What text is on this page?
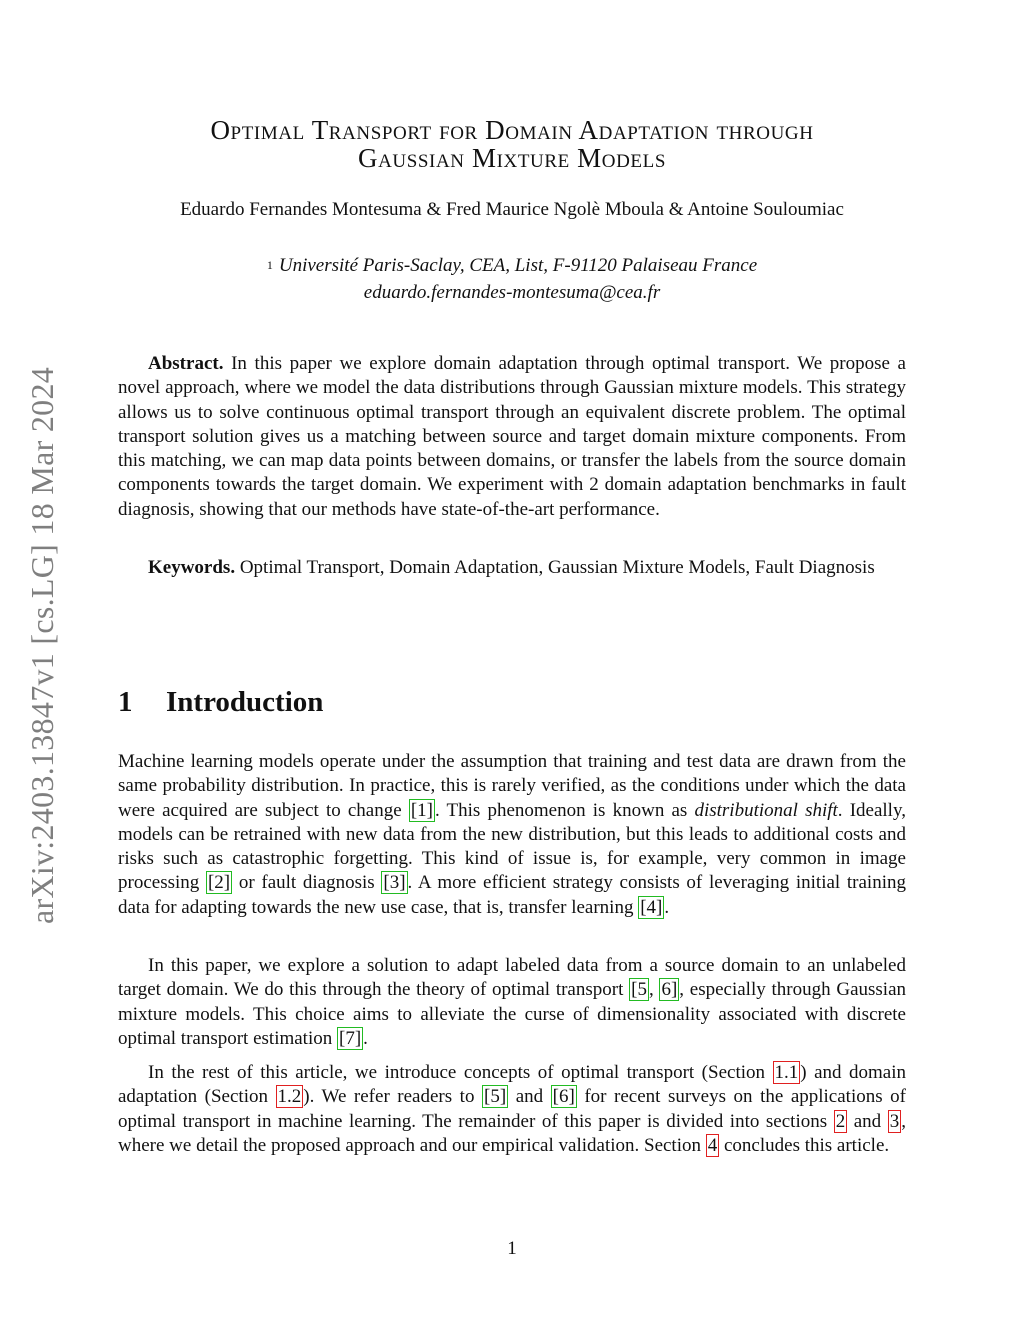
arXiv:2403.13847v1 [cs.LG] 18 Mar 2024
Optimal Transport for Domain Adaptation through
Gaussian Mixture Models
Eduardo Fernandes Montesuma & Fred Maurice Ngolè Mboula & Antoine Souloumiac
$^1$ Université Paris-Saclay, CEA, List, F-91120 Palaiseau France
eduardo.fernandes-montesuma@cea.fr

Abstract. In this paper we explore domain adaptation through optimal transport. We propose a novel approach, where we model the data distributions through Gaussian mixture models. This strategy allows us to solve continuous optimal transport through an equivalent discrete problem. The optimal transport solution gives us a matching between source and target domain mixture components. From this matching, we can map data points between domains, or transfer the labels from the source domain components towards the target domain. We experiment with 2 domain adaptation benchmarks in fault diagnosis, showing that our methods have state-of-the-art performance.

Keywords. Optimal Transport, Domain Adaptation, Gaussian Mixture Models, Fault Diagnosis

1 Introduction

Machine learning models operate under the assumption that training and test data are drawn from the same probability distribution. In practice, this is rarely verified, as the conditions under which the data were acquired are subject to change [1] . This phenomenon is known as distributional shift. Ideally, models can be retrained with new data from the new distribution, but this leads to additional costs and risks such as catastrophic forgetting. This kind of issue is, for example, very common in image processing [2] or fault diagnosis [3] . A more efficient strategy consists of leveraging initial training data for adapting towards the new use case, that is, transfer learning [4] .

In this paper, we explore a solution to adapt labeled data from a source domain to an unlabeled target domain. We do this through the theory of optimal transport [5 , 6] , especially through Gaussian mixture models. This choice aims to alleviate the curse of dimensionality associated with discrete optimal transport estimation [7] .

In the rest of this article, we introduce concepts of optimal transport (Section 1.1 ) and domain adaptation (Section 1.2 ). We refer readers to [5] and [6] for recent surveys on the applications of optimal transport in machine learning. The remainder of this paper is divided into sections 2 and 3 , where we detail the proposed approach and our empirical validation. Section 4 concludes this article.

1
